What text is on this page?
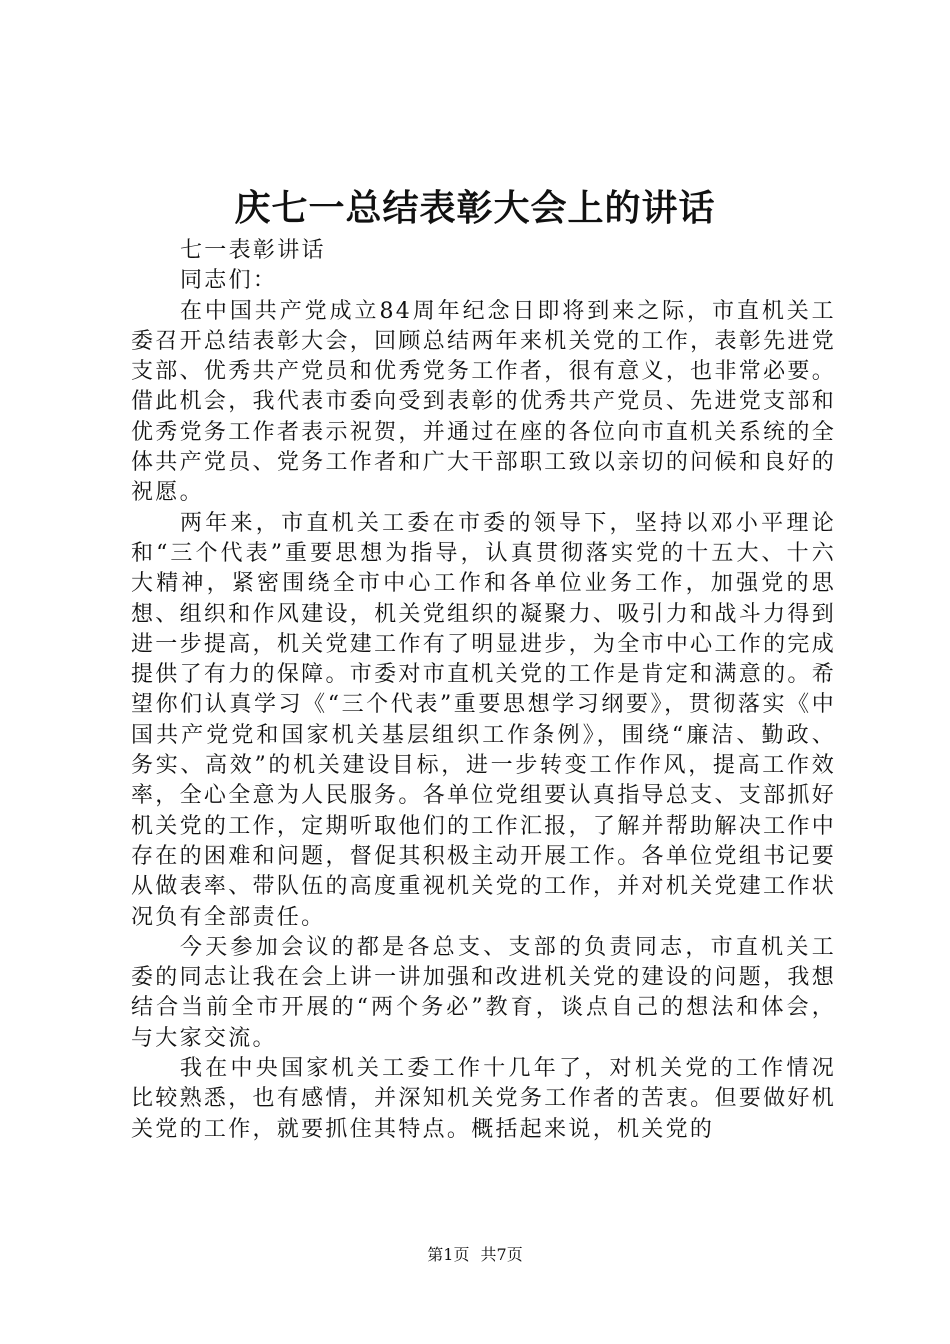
庆七一总结表彰大会上的讲话

七一表彰讲话

同志们：

在中国共产党成立84周年纪念日即将到来之际，市直机关工委召开总结表彰大会，回顾总结两年来机关党的工作，表彰先进党支部、优秀共产党员和优秀党务工作者，很有意义，也非常必要。借此机会，我代表市委向受到表彰的优秀共产党员、先进党支部和优秀党务工作者表示祝贺，并通过在座的各位向市直机关系统的全体共产党员、党务工作者和广大干部职工致以亲切的问候和良好的祝愿。

两年来，市直机关工委在市委的领导下，坚持以邓小平理论和“三个代表”重要思想为指导，认真贯彻落实党的十五大、十六大精神，紧密围绕全市中心工作和各单位业务工作，加强党的思想、组织和作风建设，机关党组织的凝聚力、吸引力和战斗力得到进一步提高，机关党建工作有了明显进步，为全市中心工作的完成提供了有力的保障。市委对市直机关党的工作是肯定和满意的。希望你们认真学习《“三个代表”重要思想学习纲要》，贯彻落实《中国共产党党和国家机关基层组织工作条例》，围绕“廉洁、勤政、务实、高效”的机关建设目标，进一步转变工作作风，提高工作效率，全心全意为人民服务。各单位党组要认真指导总支、支部抓好机关党的工作，定期听取他们的工作汇报，了解并帮助解决工作中存在的困难和问题，督促其积极主动开展工作。各单位党组书记要从做表率、带队伍的高度重视机关党的工作，并对机关党建工作状况负有全部责任。

今天参加会议的都是各总支、支部的负责同志，市直机关工委的同志让我在会上讲一讲加强和改进机关党的建设的问题，我想结合当前全市开展的“两个务必”教育，谈点自己的想法和体会，与大家交流。

我在中央国家机关工委工作十几年了，对机关党的工作情况比较熟悉，也有感情，并深知机关党务工作者的苦衷。但要做好机关党的工作，就要抓住其特点。概括起来说，机关党的

第1页 共7页
